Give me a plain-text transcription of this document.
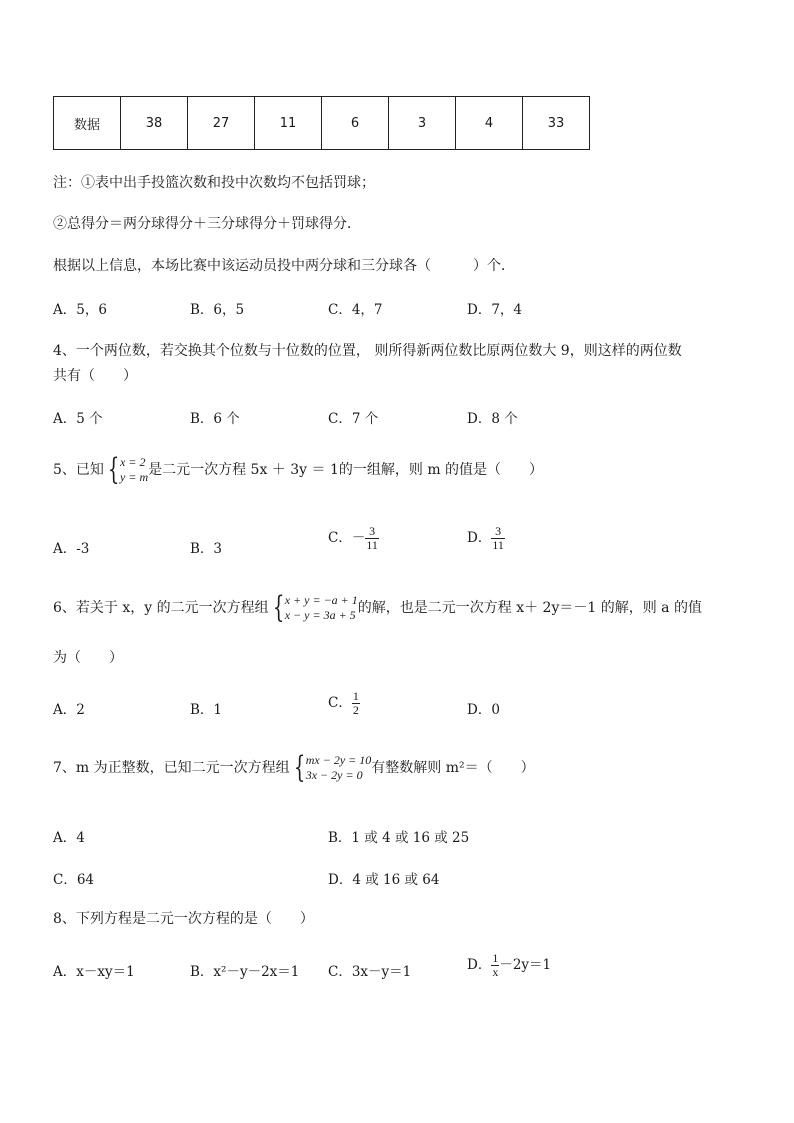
数据	38	27	11	6	3	4	33
注：①表中出手投篮次数和投中次数均不包括罚球；
②总得分＝两分球得分＋三分球得分＋罚球得分．
根据以上信息，本场比赛中该运动员投中两分球和三分球各（　　　）个．
A．5，6	B．6，5	C．4，7	D．7，4
4、一个两位数，若交换其个位数与十位数的位置， 则所得新两位数比原两位数大 9，则这样的两位数
共有（　　）
A．5 个	B．6 个	C．7 个	D．8 个
5、已知 { x = 2
y = m 是二元一次方程 5x ＋ 3y ＝ 1的一组解，则 m 的值是（　　）
A．-3	B．3
C．－ $\frac{3}{11}$	D． $\frac{3}{11}$
6、若关于 x，y 的二元一次方程组 { x + y = −a + 1
x − y = 3a + 5 的解，也是二元一次方程 x＋ 2y＝－1 的解，则 a 的值
为（　　）
A．2	B．1	C． $\frac{1}{2}$	D．0
7、m 为正整数，已知二元一次方程组 { mx − 2y = 10
3x − 2y = 0 有整数解则 m²＝（　　）
A．4	B．1 或 4 或 16 或 25
C．64	D．4 或 16 或 64
8、下列方程是二元一次方程的是（　　）
A．x－xy＝1	B．x²－y－2x＝1 C．3x－y＝1	D． $\frac{1}{x} -2y=1$
